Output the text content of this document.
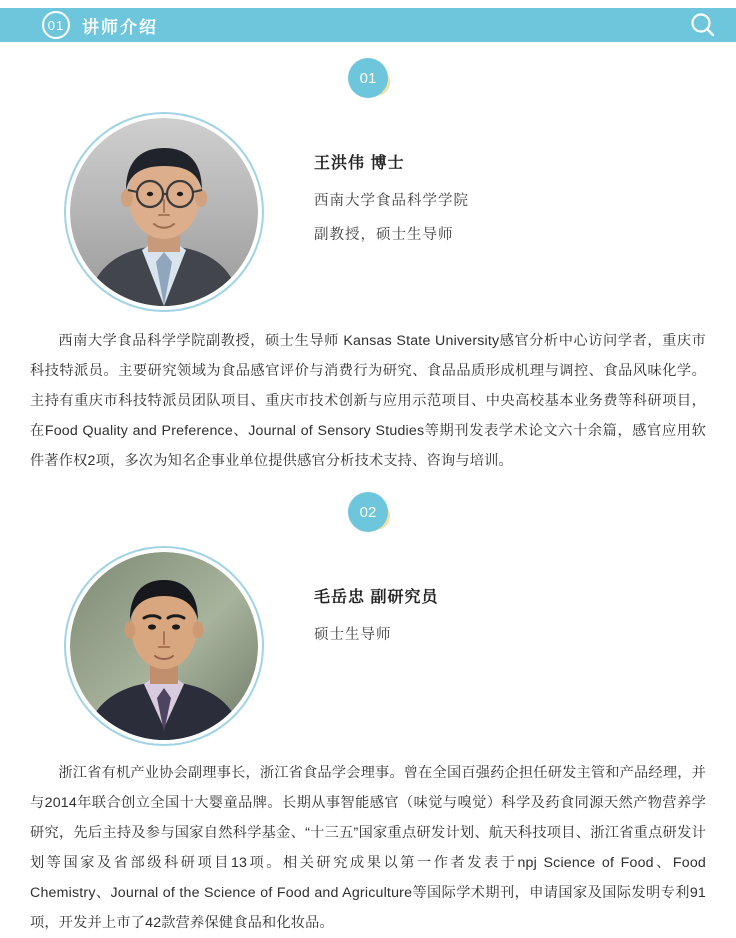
01	讲师介绍
01
王洪伟 博士
西南大学食品科学学院
副教授，硕士生导师
西南大学食品科学学院副教授，硕士生导师 Kansas State University感官分析中心访问学者，重庆市科技特派员。主要研究领域为食品感官评价与消费行为研究、食品品质形成机理与调控、食品风味化学。主持有重庆市科技特派员团队项目、重庆市技术创新与应用示范项目、中央高校基本业务费等科研项目，在Food Quality and Preference、Journal of Sensory Studies等期刊发表学术论文六十余篇，感官应用软件著作权2项，多次为知名企事业单位提供感官分析技术支持、咨询与培训。
02
毛岳忠 副研究员
硕士生导师
浙江省有机产业协会副理事长，浙江省食品学会理事。曾在全国百强药企担任研发主管和产品经理，并与2014年联合创立全国十大婴童品牌。长期从事智能感官（味觉与嗅觉）科学及药食同源天然产物营养学研究，先后主持及参与国家自然科学基金、“十三五”国家重点研发计划、航天科技项目、浙江省重点研发计划等国家及省部级科研项目13项。相关研究成果以第一作者发表于npj Science of Food、Food Chemistry、Journal of the Science of Food and Agriculture等国际学术期刊，申请国家及国际发明专利91项，开发并上市了42款营养保健食品和化妆品。
